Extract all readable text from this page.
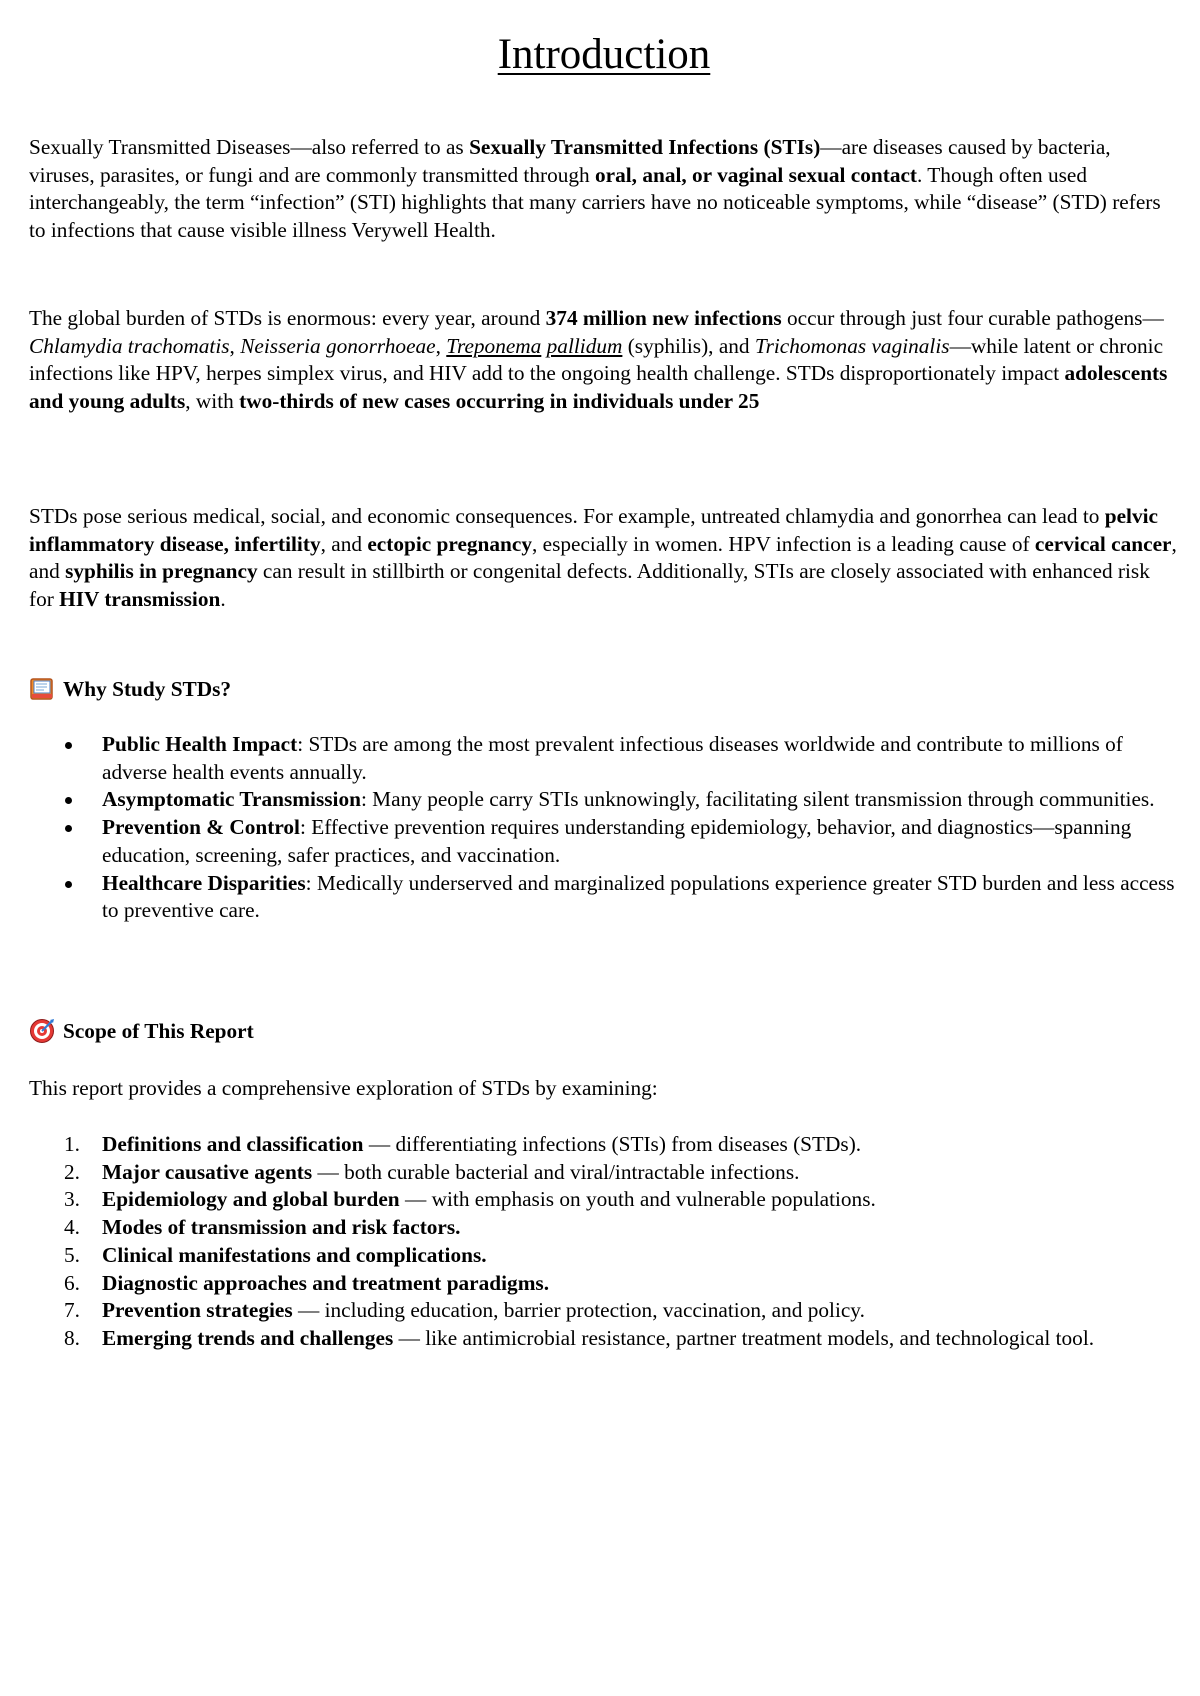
Introduction

Sexually Transmitted Diseases—also referred to as Sexually Transmitted Infections (STIs)—are diseases caused by bacteria, viruses, parasites, or fungi and are commonly transmitted through oral, anal, or vaginal sexual contact. Though often used interchangeably, the term “infection” (STI) highlights that many carriers have no noticeable symptoms, while “disease” (STD) refers to infections that cause visible illness Verywell Health.

The global burden of STDs is enormous: every year, around 374 million new infections occur through just four curable pathogens—Chlamydia trachomatis, Neisseria gonorrhoeae, Treponema pallidum (syphilis), and Trichomonas vaginalis—while latent or chronic infections like HPV, herpes simplex virus, and HIV add to the ongoing health challenge. STDs disproportionately impact adolescents and young adults, with two-thirds of new cases occurring in individuals under 25

STDs pose serious medical, social, and economic consequences. For example, untreated chlamydia and gonorrhea can lead to pelvic inflammatory disease, infertility, and ectopic pregnancy, especially in women. HPV infection is a leading cause of cervical cancer, and syphilis in pregnancy can result in stillbirth or congenital defects. Additionally, STIs are closely associated with enhanced risk for HIV transmission.

Why Study STDs?
Public Health Impact: STDs are among the most prevalent infectious diseases worldwide and contribute to millions of adverse health events annually.
Asymptomatic Transmission: Many people carry STIs unknowingly, facilitating silent transmission through communities.
Prevention & Control: Effective prevention requires understanding epidemiology, behavior, and diagnostics—spanning education, screening, safer practices, and vaccination.
Healthcare Disparities: Medically underserved and marginalized populations experience greater STD burden and less access to preventive care.
Scope of This Report

This report provides a comprehensive exploration of STDs by examining:

1. Definitions and classification — differentiating infections (STIs) from diseases (STDs).
2. Major causative agents — both curable bacterial and viral/intractable infections.
3. Epidemiology and global burden — with emphasis on youth and vulnerable populations.
4. Modes of transmission and risk factors.
5. Clinical manifestations and complications.
6. Diagnostic approaches and treatment paradigms.
7. Prevention strategies — including education, barrier protection, vaccination, and policy.
8. Emerging trends and challenges — like antimicrobial resistance, partner treatment models, and technological tool.
